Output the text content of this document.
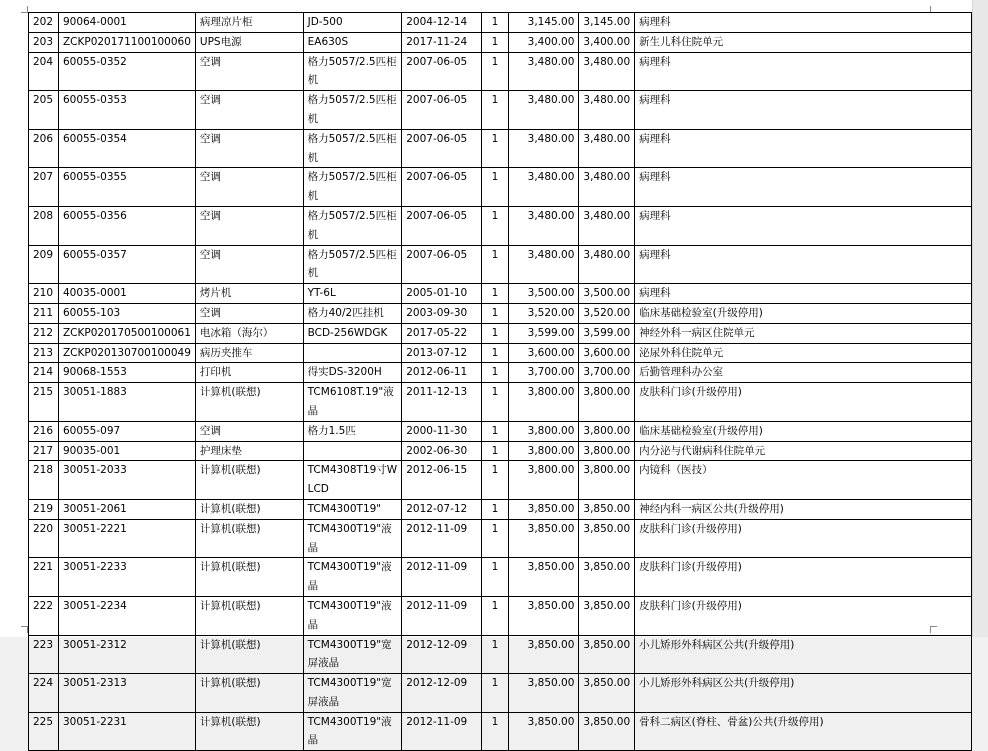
202	90064-0001	病理凉片柜	JD-500	2004-12-14	1	3,145.00	3,145.00	病理科
203	ZCKP020171100100060	UPS电源	EA630S	2017-11-24	1	3,400.00	3,400.00	新生儿科住院单元
204	60055-0352	空调	格力5057/2.5匹柜机	2007-06-05	1	3,480.00	3,480.00	病理科
205	60055-0353	空调	格力5057/2.5匹柜机	2007-06-05	1	3,480.00	3,480.00	病理科
206	60055-0354	空调	格力5057/2.5匹柜机	2007-06-05	1	3,480.00	3,480.00	病理科
207	60055-0355	空调	格力5057/2.5匹柜机	2007-06-05	1	3,480.00	3,480.00	病理科
208	60055-0356	空调	格力5057/2.5匹柜机	2007-06-05	1	3,480.00	3,480.00	病理科
209	60055-0357	空调	格力5057/2.5匹柜机	2007-06-05	1	3,480.00	3,480.00	病理科
210	40035-0001	烤片机	YT-6L	2005-01-10	1	3,500.00	3,500.00	病理科
211	60055-103	空调	格力40/2匹挂机	2003-09-30	1	3,520.00	3,520.00	临床基础检验室(升级停用)
212	ZCKP020170500100061	电冰箱（海尔）	BCD-256WDGK	2017-05-22	1	3,599.00	3,599.00	神经外科一病区住院单元
213	ZCKP020130700100049	病历夹推车		2013-07-12	1	3,600.00	3,600.00	泌尿外科住院单元
214	90068-1553	打印机	得实DS-3200H	2012-06-11	1	3,700.00	3,700.00	后勤管理科办公室
215	30051-1883	计算机(联想)	TCM6108T.19"液晶	2011-12-13	1	3,800.00	3,800.00	皮肤科门诊(升级停用)
216	60055-097	空调	格力1.5匹	2000-11-30	1	3,800.00	3,800.00	临床基础检验室(升级停用)
217	90035-001	护理床垫		2002-06-30	1	3,800.00	3,800.00	内分泌与代谢病科住院单元
218	30051-2033	计算机(联想)	TCM4308T19寸WLCD	2012-06-15	1	3,800.00	3,800.00	内镜科（医技）
219	30051-2061	计算机(联想)	TCM4300T19"	2012-07-12	1	3,850.00	3,850.00	神经内科一病区公共(升级停用)
220	30051-2221	计算机(联想)	TCM4300T19"液晶	2012-11-09	1	3,850.00	3,850.00	皮肤科门诊(升级停用)
221	30051-2233	计算机(联想)	TCM4300T19"液晶	2012-11-09	1	3,850.00	3,850.00	皮肤科门诊(升级停用)
222	30051-2234	计算机(联想)	TCM4300T19"液晶	2012-11-09	1	3,850.00	3,850.00	皮肤科门诊(升级停用)
223	30051-2312	计算机(联想)	TCM4300T19"宽屏液晶	2012-12-09	1	3,850.00	3,850.00	小儿矫形外科病区公共(升级停用)
224	30051-2313	计算机(联想)	TCM4300T19"宽屏液晶	2012-12-09	1	3,850.00	3,850.00	小儿矫形外科病区公共(升级停用)
225	30051-2231	计算机(联想)	TCM4300T19"液晶	2012-11-09	1	3,850.00	3,850.00	骨科二病区(脊柱、骨盆)公共(升级停用)
